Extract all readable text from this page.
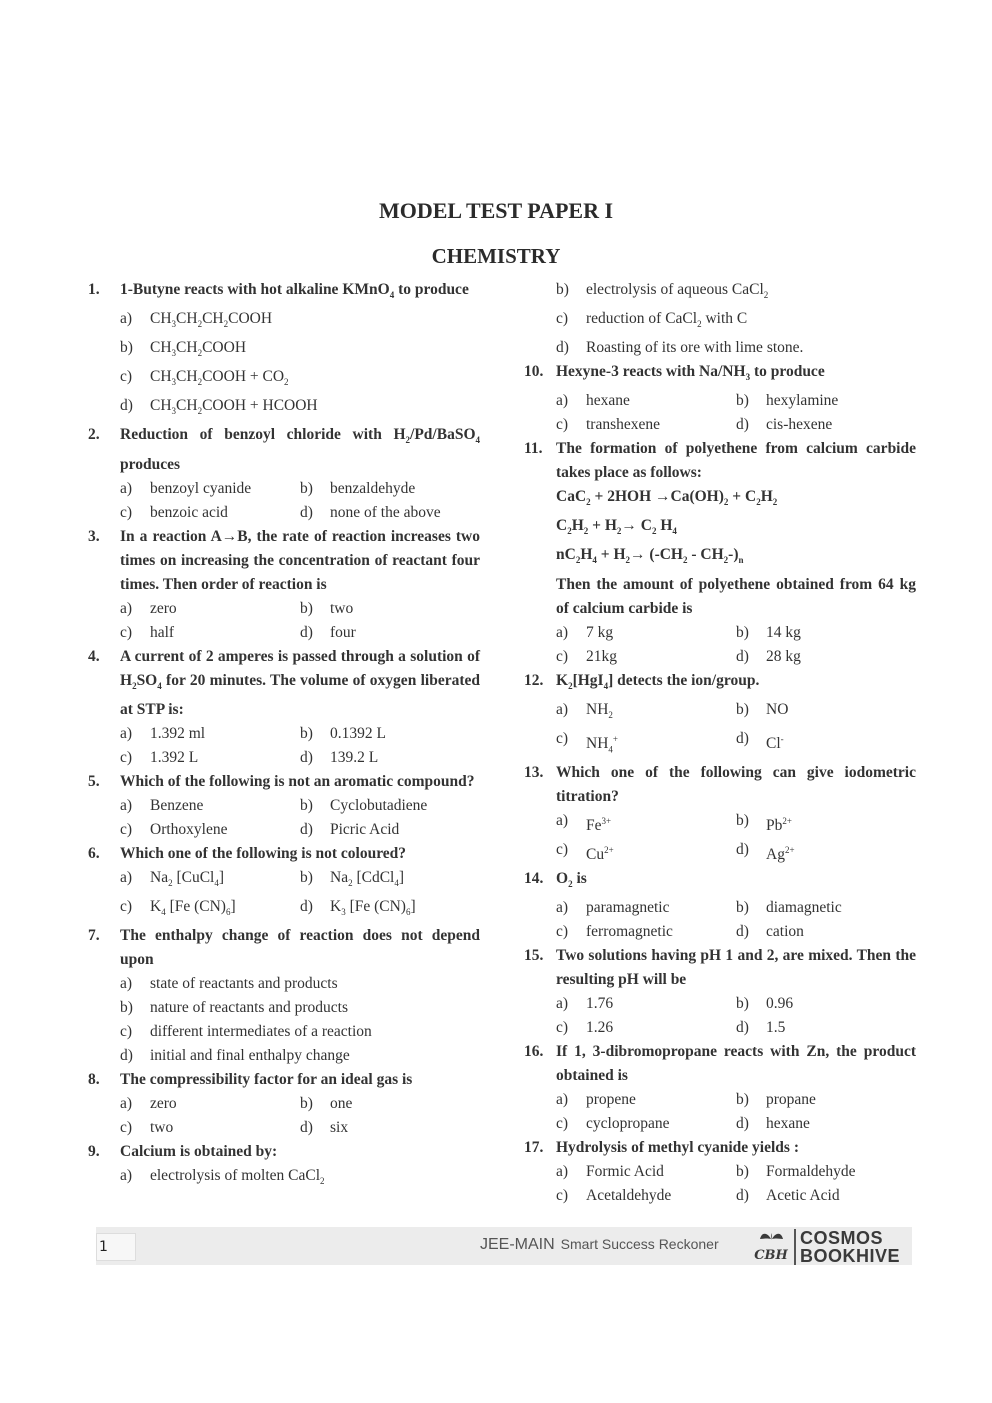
MODEL TEST PAPER I
CHEMISTRY
1. 1-Butyne reacts with hot alkaline KMnO$_4$ to produce
a)	$CH_3CH_2CH_2COOH$
b)	$CH_3CH_2COOH$
c)	$CH_3CH_2COOH + CO_2$
d)	$CH_3CH_2COOH$ + HCOOH
2. Reduction of benzoyl chloride with $H_2/Pd/BaSO_4$ produces
a)	benzoyl cyanide	b)	benzaldehyde
c)	benzoic acid	d)	none of the above
3. In a reaction A→B, the rate of reaction increases two times on increasing the concentration of reactant four times. Then order of reaction is
a)	zero	b)	two
c)	half	d)	four
4. A current of 2 amperes is passed through a solution of $H_2SO_4$ for 20 minutes. The volume of oxygen liberated at STP is:
a)	1.392 ml	b)	0.1392 L
c)	1.392 L	d)	139.2 L
5. Which of the following is not an aromatic compound?
a)	Benzene	b)	Cyclobutadiene
c)	Orthoxylene	d)	Picric Acid
6. Which one of the following is not coloured?
a)	$Na_2$ [CuCl$_4$]	b)	$Na_2$ [CdCl$_4$]
c)	$K_4$ [Fe $(CN)_6$]	d)	$K_3$ [Fe $(CN)_6$]
7. The enthalpy change of reaction does not depend upon
a)	state of reactants and products
b)	nature of reactants and products
c)	different intermediates of a reaction
d)	initial and final enthalpy change
8. The compressibility factor for an ideal gas is
a)	zero	b)	one
c)	two	d)	six
9. Calcium is obtained by:
a)	electrolysis of molten CaCl$_2$
b)	electrolysis of aqueous CaCl$_2$
c)	reduction of CaCl$_2$ with C
d)	Roasting of its ore with lime stone.
10. Hexyne-3 reacts with $Na/NH_3$ to produce
a)	hexane	b)	hexylamine
c)	transhexene	d)	cis-hexene
11. The formation of polyethene from calcium carbide takes place as follows:
$CaC_2 + 2HOH \to Ca(OH)_2 + C_2H_2$
$C_2H_2 + H_2\to C_2$ $H_4$
$nC_2H_4 + H_2\to (-CH_2 - CH_2-)_n$
Then the amount of polyethene obtained from 64 kg of calcium carbide is
a)	7 kg	b)	14 kg
c)	21kg	d)	28 kg
12. $K_2[HgI_4]$ detects the ion/group.
a)	$NH_2$	b)	NO
c)	$NH_4^+$	d)	Cl-
13. Which one of the following can give iodometric titration?
a)	$Fe^{3+}$	b)	$Pb^{2+}$
c)	$Cu^{2+}$	d)	$Ag^{2+}$
14. $O_2$ is
a)	paramagnetic	b)	diamagnetic
c)	ferromagnetic	d)	cation
15. Two solutions having pH 1 and 2, are mixed. Then the resulting pH will be
a)	1.76	b)	0.96
c)	1.26	d)	1.5
16. If 1, 3-dibromopropane reacts with Zn, the product obtained is
a)	propene	b)	propane
c)	cyclopropane	d)	hexane
17. Hydrolysis of methyl cyanide yields :
a)	Formic Acid	b)	Formaldehyde
c)	Acetaldehyde	d)	Acetic Acid
1	JEE-MAIN Smart Success Reckoner
CBH
COSMOS
BOOKHIVE
